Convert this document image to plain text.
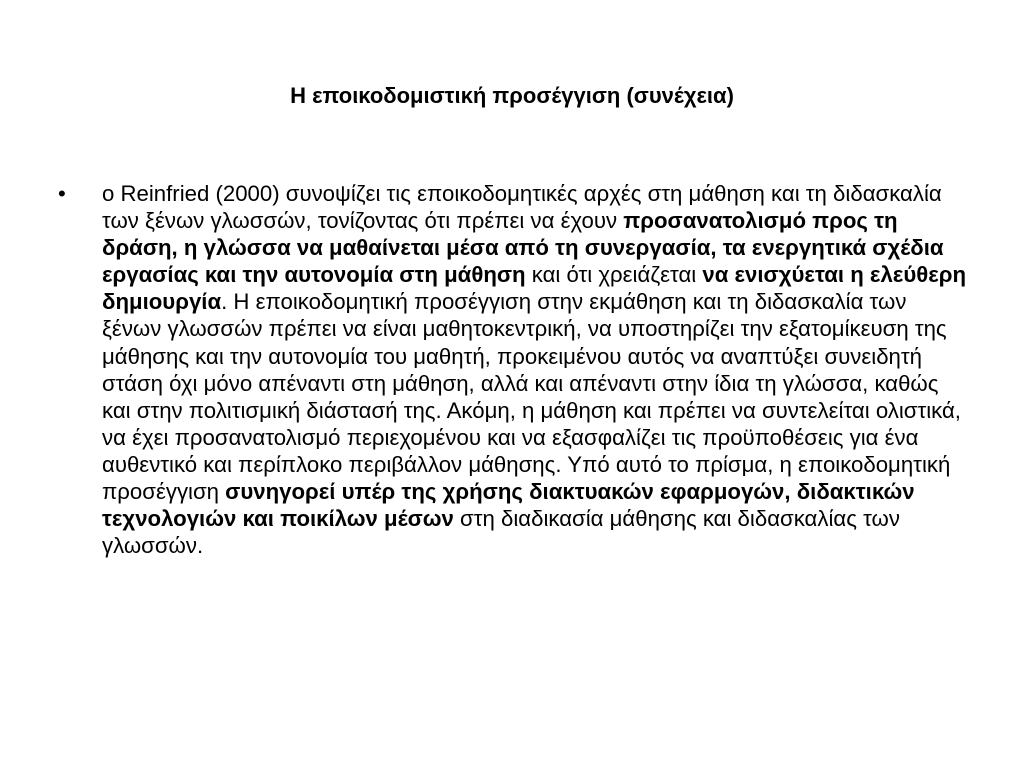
Η εποικοδομιστική προσέγγιση (συνέχεια)
• ο Reinfried (2000) συνοψίζει τις εποικοδομητικές αρχές στη μάθηση και τη διδασκαλία των ξένων γλωσσών, τονίζοντας ότι πρέπει να έχουν προσανατολισμό προς τη δράση, η γλώσσα να μαθαίνεται μέσα από τη συνεργασία, τα ενεργητικά σχέδια εργασίας και την αυτονομία στη μάθηση και ότι χρειάζεται να ενισχύεται η ελεύθερη δημιουργία. Η εποικοδομητική προσέγγιση στην εκμάθηση και τη διδασκαλία των ξένων γλωσσών πρέπει να είναι μαθητοκεντρική, να υποστηρίζει την εξατομίκευση της μάθησης και την αυτονομία του μαθητή, προκειμένου αυτός να αναπτύξει συνειδητή στάση όχι μόνο απέναντι στη μάθηση, αλλά και απέναντι στην ίδια τη γλώσσα, καθώς και στην πολιτισμική διάστασή της. Ακόμη, η μάθηση και πρέπει να συντελείται ολιστικά, να έχει προσανατολισμό περιεχομένου και να εξασφαλίζει τις προϋποθέσεις για ένα αυθεντικό και περίπλοκο περιβάλλον μάθησης. Υπό αυτό το πρίσμα, η εποικοδομητική προσέγγιση συνηγορεί υπέρ της χρήσης διακτυακών εφαρμογών, διδακτικών τεχνολογιών και ποικίλων μέσων στη διαδικασία μάθησης και διδασκαλίας των γλωσσών.
